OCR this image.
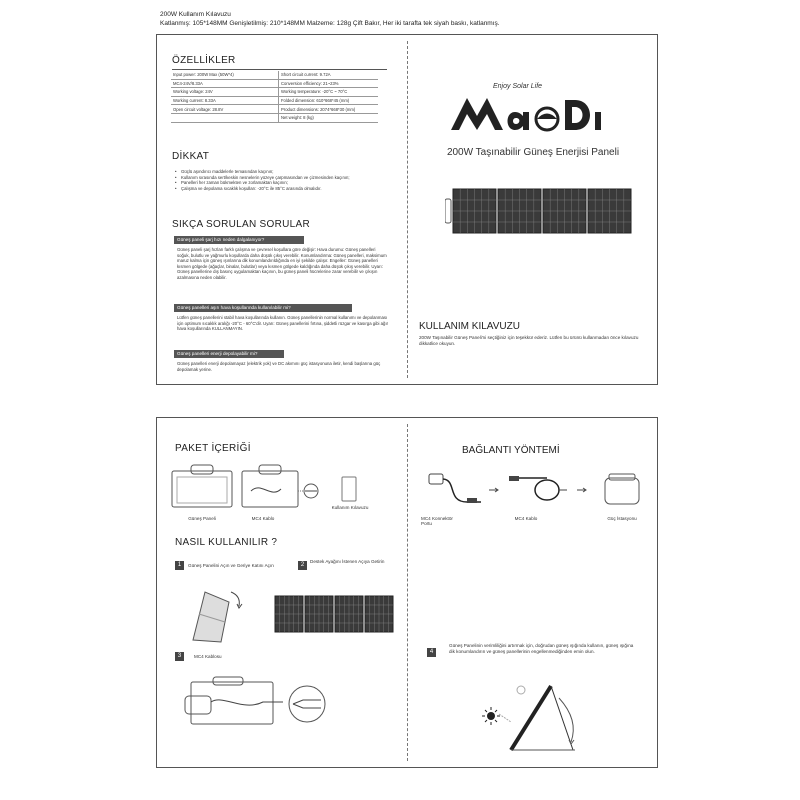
200W Kullanım Kılavuzu
Katlanmış: 105*148MM Genişletilmiş: 210*148MM Malzeme: 128g Çift Bakır, Her iki tarafta tek siyah baskı, katlanmış.
ÖZELLİKLER
Input power: 200W Max (50W*4)	Short circuit current: 9.72A
MC4-24V/8.33A	Conversion efficiency: 21~23%
Working voltage: 24V	Working temperature: -20°C ~ 70°C
Working current: 8.33A	Folded dimension: 610*668*45 (mm)
Open circuit voltage: 28.8V	Product dimensions: 2074*668*30 (mm)
	Net weight: 8 (kg)
DİKKAT
• Güçlü aşındırıcı maddelerle temasından kaçının;
• Kullanım sırasında sert/keskin nesnelerin yüzeye çarpmasından ve çizmesinden kaçının;
• Panelleri her zaman bükmekten ve zorlamaktan kaçının;
• Çalışma ve depolama sıcaklık koşulları: -20°C ile 85°C arasında olmalıdır.
SIKÇA SORULAN SORULAR
Güneş paneli şarj hızı neden dalgalanıyor?
Güneş paneli şarj hızları farklı çalışma ve çevresel koşullara göre değişir: Hava durumu: Güneş panelleri soğuk, bulutlu ve yağmurlu koşullarda daha düşük çıkış verebilir. Konumlandırma: Güneş panelleri, maksimum maruz kalma için güneş ışınlarına dik konumlandırıldığında en iyi şekilde çalışır. Engeller: Güneş panelleri kısmen gölgede (ağaçlar, binalar, bulutlar) veya kısmen gölgede kaldığında daha düşük çıkış verebilir. Uyarı: Güneş panellerine dış basınç uygulamaktan kaçının, bu güneş paneli hücrelerine zarar verebilir ve çıkışın azalmasına neden olabilir.
Güneş panelleri aşırı hava koşullarında kullanılabilir mi?
Lütfen güneş panellerini stabil hava koşullarında kullanın. Güneş panellerinin normal kullanımı ve depolanması için optimum sıcaklık aralığı -20°C - 60°C'dir. Uyarı: Güneş panellerini fırtına, şiddetli rüzgar ve kasırga gibi ağır hava koşullarında KULLANMAYIN.
Güneş panelleri enerji depolayabilir mi?
Güneş panelleri enerji depolamayaz (elektrik yok) ve DC akımını güç istasyonuna iletir, kendi başlarına güç depolamak yerine.
Enjoy Solar Life
200W Taşınabilir Güneş Enerjisi Paneli
KULLANIM KILAVUZU
200W Taşınabilir Güneş Paneli'ni seçtiğiniz için teşekkür ederiz. Lütfen bu ürünü kullanmadan önce kılavuzu dikkatlice okuyun.
PAKET İÇERİĞİ
Güneş Paneli	MC4 Kablo
Kullanım Kılavuzu
NASIL KULLANILIR ?
1	Güneş Panelini Açın ve Geriye Katını Açın	2
Destek Ayağını İstenen Açıya Getirin
3	MC4 Kablosu
BAĞLANTI YÖNTEMİ
MC4 Konnektör Portu
MC4 Kablo	Güç İstasyonu
4
Güneş Panelinin verimliliğini artırmak için, doğrudan güneş ışığında kullanın, güneş ışığına dik konumlandırın ve güneş panellerinin engellenmediğinden emin olun.
